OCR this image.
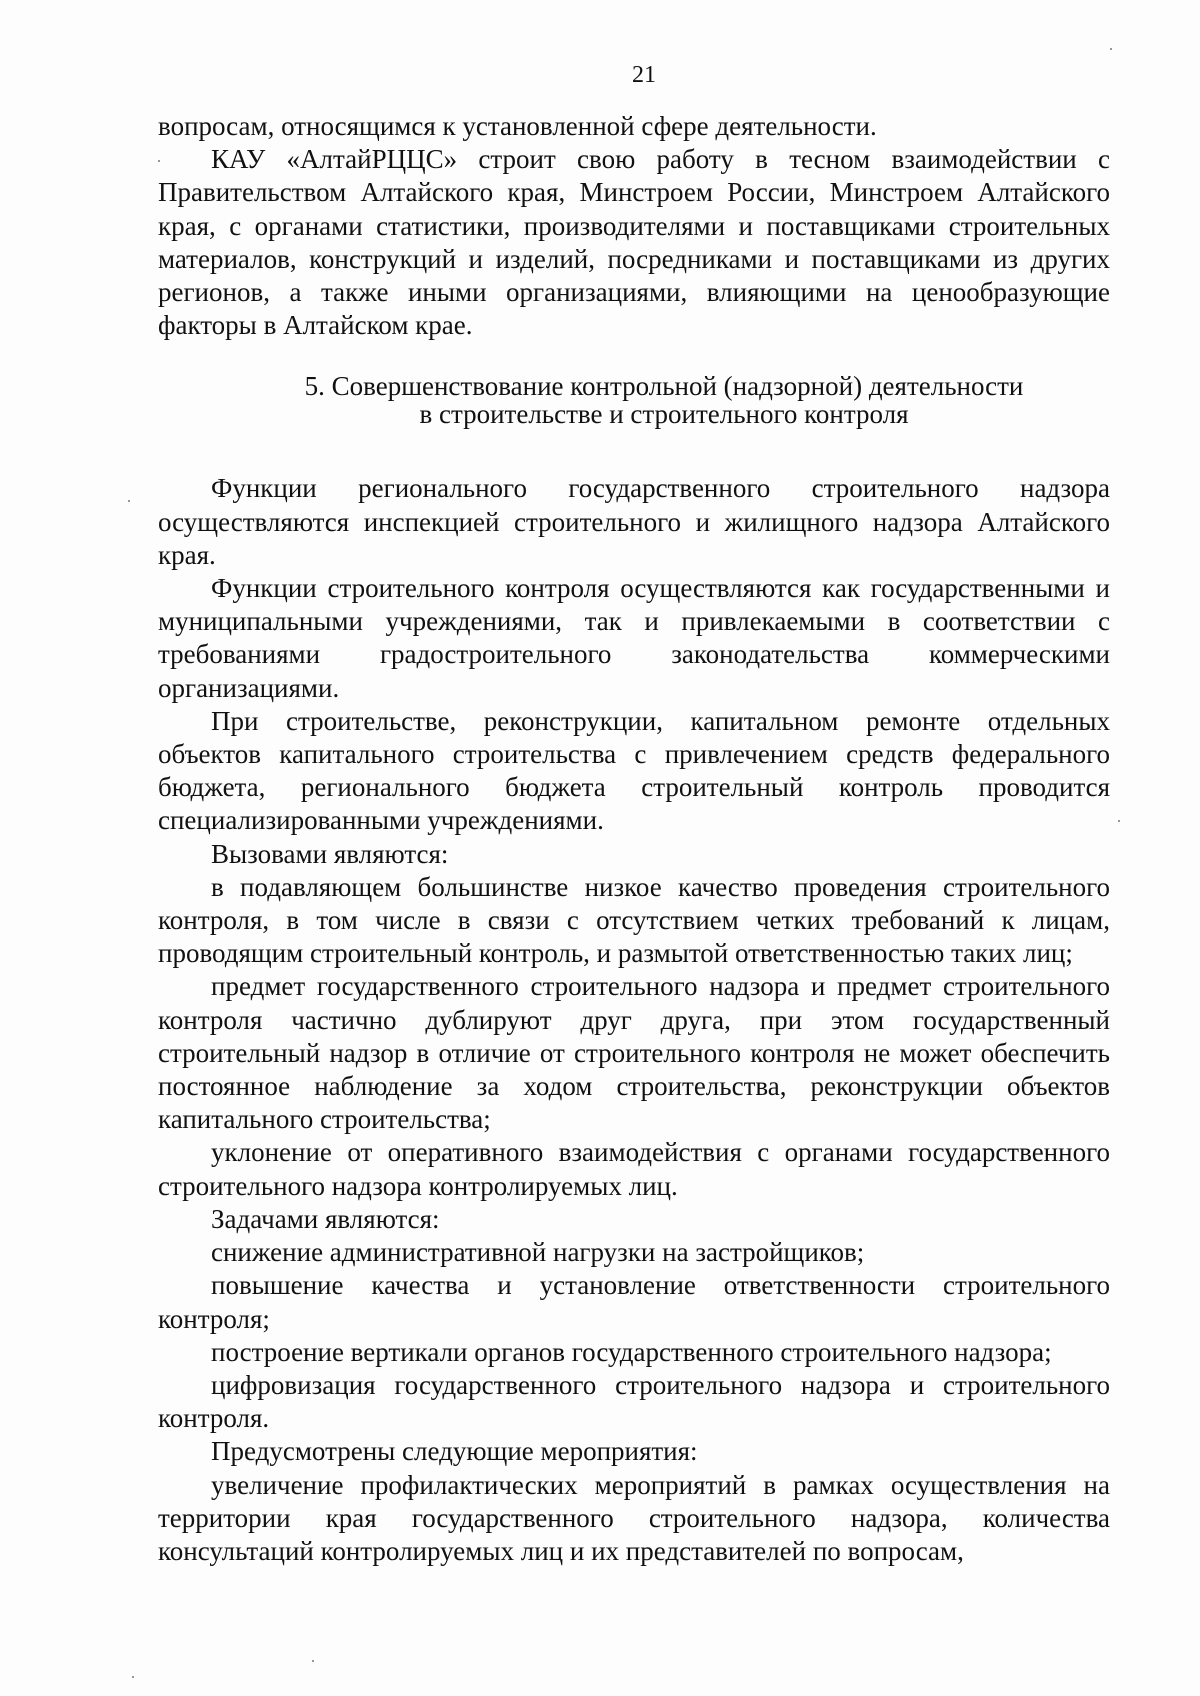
21

вопросам, относящимся к установленной сфере деятельности.

КАУ «АлтайРЦЦС» строит свою работу в тесном взаимодействии с Правительством Алтайского края, Минстроем России, Минстроем Алтайского края, с органами статистики, производителями и поставщиками строительных материалов, конструкций и изделий, посредниками и поставщиками из других регионов, а также иными организациями, влияющими на ценообразующие факторы в Алтайском крае.

5. Совершенствование контрольной (надзорной) деятельности
в строительстве и строительного контроля

Функции регионального государственного строительного надзора осуществляются инспекцией строительного и жилищного надзора Алтайского края.

Функции строительного контроля осуществляются как государственными и муниципальными учреждениями, так и привлекаемыми в соответствии с требованиями градостроительного законодательства коммерческими организациями.

При строительстве, реконструкции, капитальном ремонте отдельных объектов капитального строительства с привлечением средств федерального бюджета, регионального бюджета строительный контроль проводится специализированными учреждениями.

Вызовами являются:

в подавляющем большинстве низкое качество проведения строительного контроля, в том числе в связи с отсутствием четких требований к лицам, проводящим строительный контроль, и размытой ответственностью таких лиц;

предмет государственного строительного надзора и предмет строительного контроля частично дублируют друг друга, при этом государственный строительный надзор в отличие от строительного контроля не может обеспечить постоянное наблюдение за ходом строительства, реконструкции объектов капитального строительства;

уклонение от оперативного взаимодействия с органами государственного строительного надзора контролируемых лиц.

Задачами являются:

снижение административной нагрузки на застройщиков;

повышение качества и установление ответственности строительного контроля;

построение вертикали органов государственного строительного надзора;

цифровизация государственного строительного надзора и строительного контроля.

Предусмотрены следующие мероприятия:

увеличение профилактических мероприятий в рамках осуществления на территории края государственного строительного надзора, количества консультаций контролируемых лиц и их представителей по вопросам,
